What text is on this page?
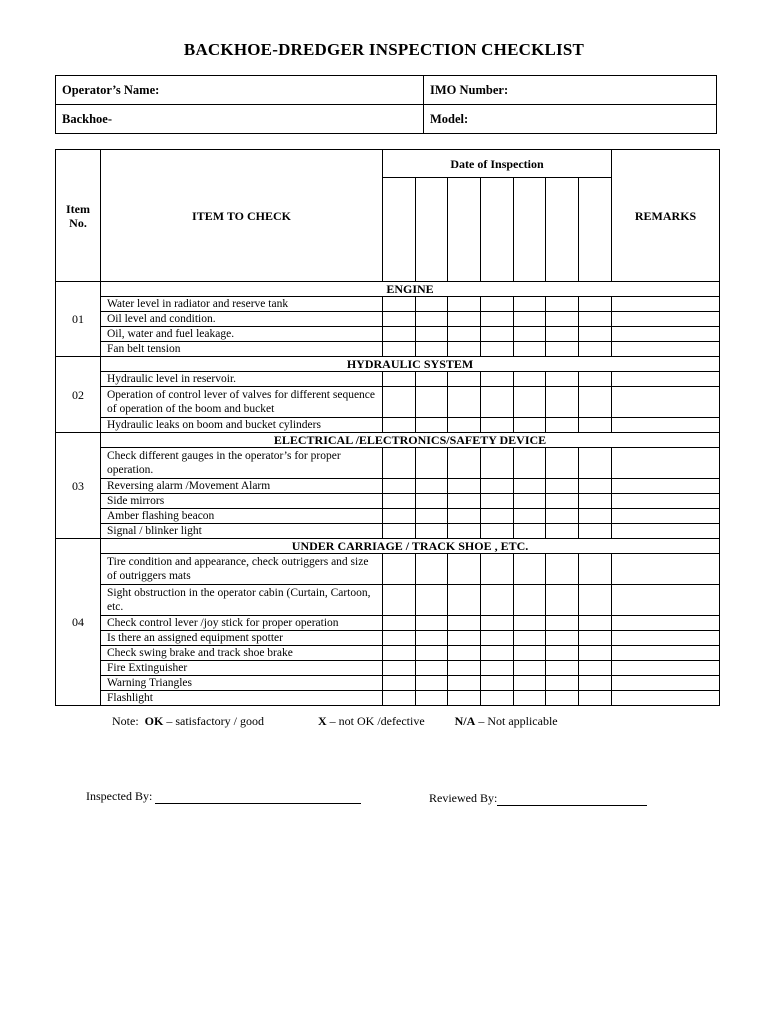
BACKHOE-DREDGER INSPECTION CHECKLIST
Operator’s Name:	IMO Number:
Backhoe-	Model:
Item No.	ITEM TO CHECK	Date of Inspection							REMARKS

01	ENGINE								
	Water level in radiator and reserve tank								
	Oil level and condition.								
	Oil, water and fuel leakage.								
	Fan belt tension								
02	HYDRAULIC SYSTEM								
	Hydraulic level in reservoir.								
	Operation of control lever of valves for different sequence of operation of the boom and bucket								
	Hydraulic leaks on boom and bucket cylinders								
03	ELECTRICAL /ELECTRONICS/SAFETY DEVICE								
	Check different gauges in the operator’s for proper operation.								
	Reversing alarm /Movement Alarm								
	Side mirrors								
	Amber flashing beacon								
	Signal / blinker light								
04	UNDER CARRIAGE / TRACK SHOE , ETC.								
	Tire condition and appearance, check outriggers and size of outriggers mats								
	Sight obstruction in the operator cabin (Curtain, Cartoon, etc.								
	Check control lever /joy stick for proper operation								
	Is there an assigned equipment spotter								
	Check swing brake and track shoe brake								
	Fire Extinguisher								
	Warning Triangles								
	Flashlight								
Note: OK – satisfactory / good	X – not OK /defective	N/A – Not applicable
Inspected By:	Reviewed By:
